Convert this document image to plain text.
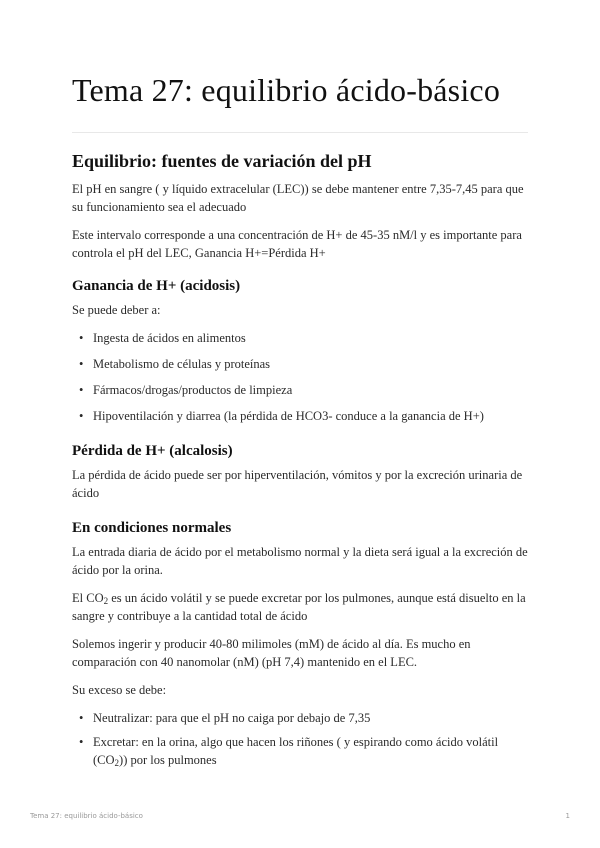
Tema 27: equilibrio ácido-básico
Equilibrio: fuentes de variación del pH

El pH en sangre ( y líquido extracelular (LEC)) se debe mantener entre 7,35-7,45 para que su funcionamiento sea el adecuado

Este intervalo corresponde a una concentración de H+ de 45-35 nM/l y es importante para controla el pH del LEC, Ganancia H+=Pérdida H+

Ganancia de H+ (acidosis)

Se puede deber a:

• Ingesta de ácidos en alimentos
• Metabolismo de células y proteínas
• Fármacos/drogas/productos de limpieza
• Hipoventilación y diarrea (la pérdida de HCO3- conduce a la ganancia de H+)
Pérdida de H+ (alcalosis)

La pérdida de ácido puede ser por hiperventilación, vómitos y por la excreción urinaria de ácido

En condiciones normales

La entrada diaria de ácido por el metabolismo normal y la dieta será igual a la excreción de ácido por la orina.

El $CO_2$ es un ácido volátil y se puede excretar por los pulmones, aunque está disuelto en la sangre y contribuye a la cantidad total de ácido

Solemos ingerir y producir 40-80 milimoles (mM) de ácido al día. Es mucho en comparación con 40 nanomolar (nM) (pH 7,4) mantenido en el LEC.

Su exceso se debe:

• Neutralizar: para que el pH no caiga por debajo de 7,35
• Excretar: en la orina, algo que hacen los riñones ( y espirando como ácido volátil $(CO_2)$) por los pulmones
Tema 27: equilibrio ácido-básico	1
